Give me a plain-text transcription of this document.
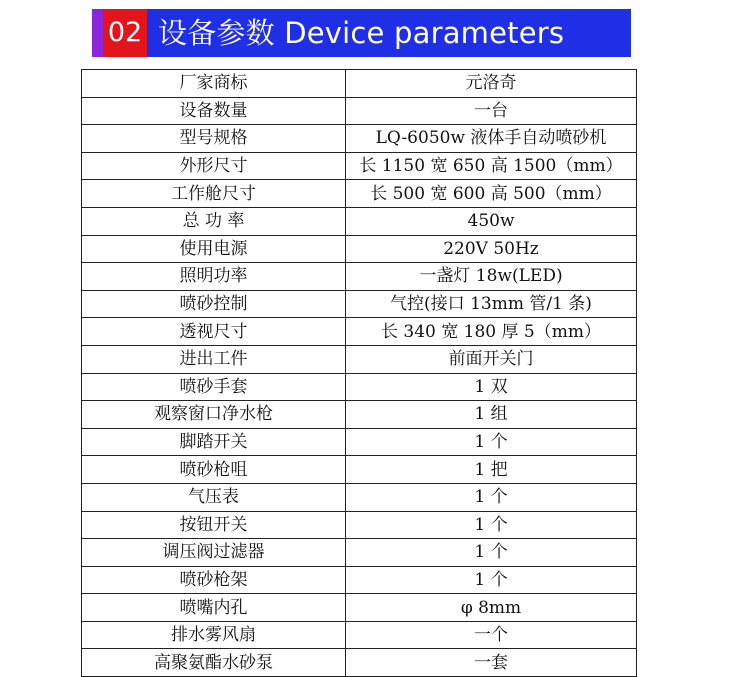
02 设备参数 Device parameters
厂家商标	元洛奇
设备数量	一台
型号规格	LQ-6050w 液体手自动喷砂机
外形尺寸	长 1150 宽 650 高 1500（mm）
工作舱尺寸	长 500 宽 600 高 500（mm）
总 功 率	450w
使用电源	220V 50Hz
照明功率	一盏灯 18w(LED)
喷砂控制	气控(接口 13mm 管/1 条)
透视尺寸	长 340 宽 180 厚 5（mm）
进出工件	前面开关门
喷砂手套	1 双
观察窗口净水枪	1 组
脚踏开关	1 个
喷砂枪咀	1 把
气压表	1 个
按钮开关	1 个
调压阀过滤器	1 个
喷砂枪架	1 个
喷嘴内孔	φ 8mm
排水雾风扇	一个
高聚氨酯水砂泵	一套
